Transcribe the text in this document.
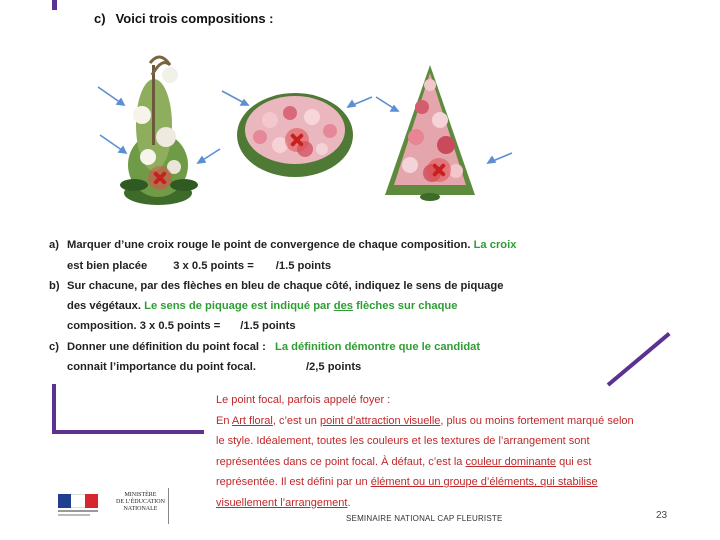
c) Voici trois compositions :
a) Marquer d’une croix rouge le point de convergence de chaque composition. La croix
est bien placée 3 x 0.5 points = /1.5 points
b) Sur chacune, par des flèches en bleu de chaque côté, indiquez le sens de piquage
des végétaux. Le sens de piquage est indiqué par des flèches sur chaque
composition. 3 x 0.5 points = /1.5 points
c) Donner une définition du point focal : La définition démontre que le candidat
connait l’importance du point focal.	/2,5 points

Le point focal, parfois appelé foyer :

En Art floral, c’est un point d’attraction visuelle, plus ou moins fortement marqué selon

le style. Idéalement, toutes les couleurs et les textures de l’arrangement sont

représentées dans ce point focal. À défaut, c’est la couleur dominante qui est

représentée. Il est défini par un élément ou un groupe d’éléments, qui stabilise

visuellement l’arrangement.

MINISTÈRE
DE L’ÉDUCATION
NATIONALE
SEMINAIRE NATIONAL CAP FLEURISTE	23
